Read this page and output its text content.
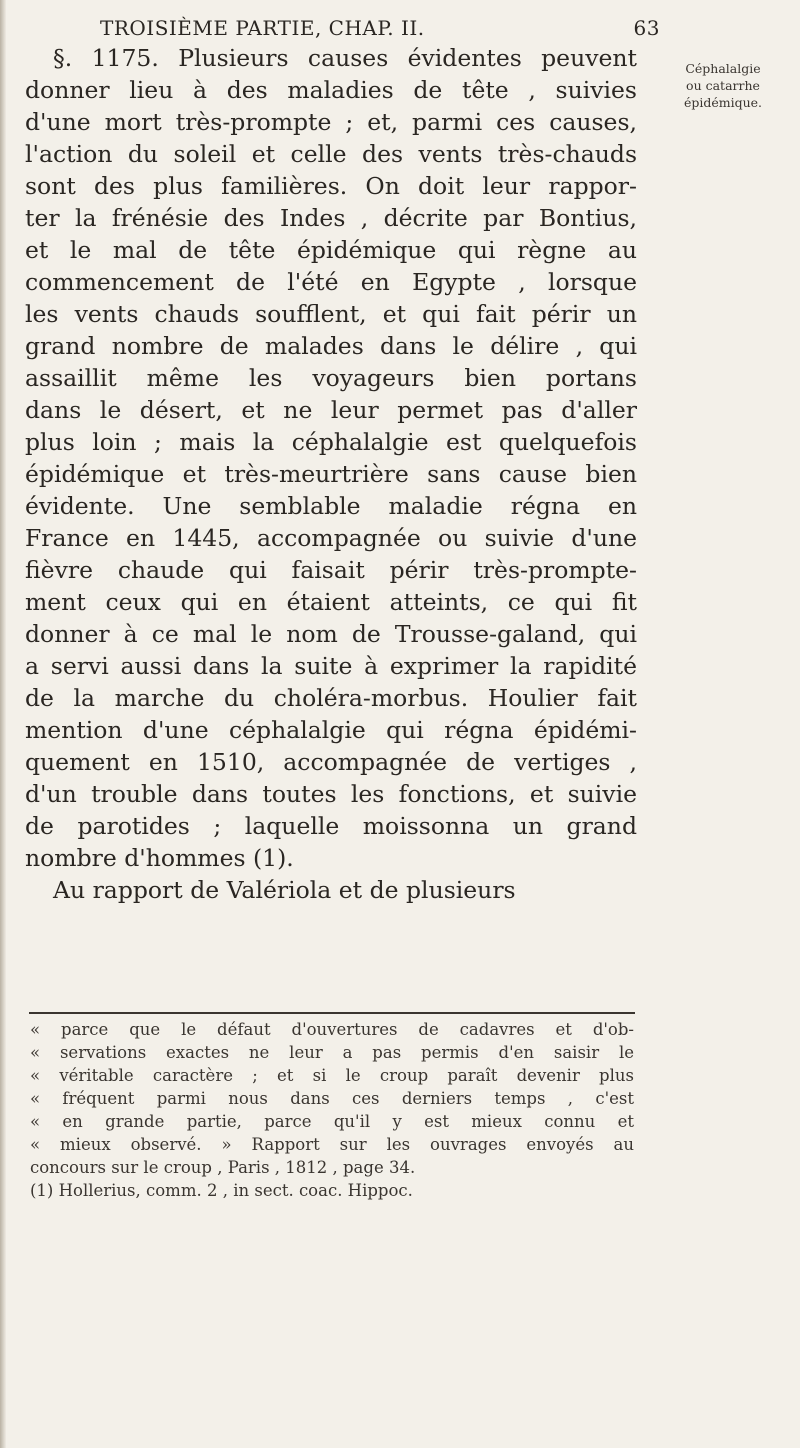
TROISIÈME PARTIE, CHAP. II.	63
Céphalalgie
ou catarrhe
épidémique.
§. 1175. Plusieurs causes évidentes peuvent
donner lieu à des maladies de tête , suivies
d'une mort très-prompte ; et, parmi ces causes,
l'action du soleil et celle des vents très-chauds
sont des plus familières. On doit leur rappor-
ter la frénésie des Indes , décrite par Bontius,
et le mal de tête épidémique qui règne au
commencement de l'été en Egypte , lorsque
les vents chauds soufflent, et qui fait périr un
grand nombre de malades dans le délire , qui
assaillit même les voyageurs bien portans
dans le désert, et ne leur permet pas d'aller
plus loin ; mais la céphalalgie est quelquefois
épidémique et très-meurtrière sans cause bien
évidente. Une semblable maladie régna en
France en 1445, accompagnée ou suivie d'une
fièvre chaude qui faisait périr très-prompte-
ment ceux qui en étaient atteints, ce qui fit
donner à ce mal le nom de Trousse-galand, qui
a servi aussi dans la suite à exprimer la rapidité
de la marche du choléra-morbus. Houlier fait
mention d'une céphalalgie qui régna épidémi-
quement en 1510, accompagnée de vertiges ,
d'un trouble dans toutes les fonctions, et suivie
de parotides ; laquelle moissonna un grand
nombre d'hommes (1).
Au rapport de Valériola et de plusieurs
« parce que le défaut d'ouvertures de cadavres et d'ob-
« servations exactes ne leur a pas permis d'en saisir le
« véritable caractère ; et si le croup paraît devenir plus
« fréquent parmi nous dans ces derniers temps , c'est
« en grande partie, parce qu'il y est mieux connu et
« mieux observé. » Rapport sur les ouvrages envoyés au
concours sur le croup , Paris , 1812 , page 34.
(1) Hollerius, comm. 2 , in sect. coac. Hippoc.
